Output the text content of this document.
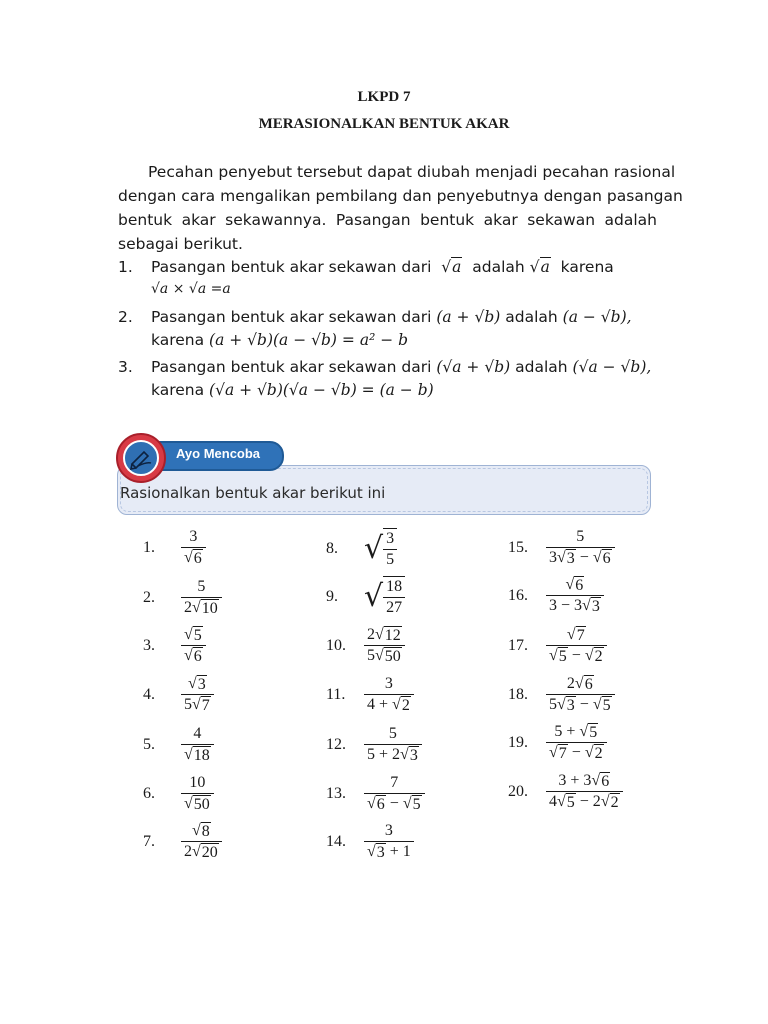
LKPD 7
MERASIONALKAN BENTUK AKAR
Pecahan penyebut tersebut dapat diubah menjadi pecahan rasional
dengan cara mengalikan pembilang dan penyebutnya dengan pasangan
bentuk akar sekawannya. Pasangan bentuk akar sekawan adalah
sebagai berikut.
1. Pasangan bentuk akar sekawan dari √a adalah √a karena
√a × √a =a
2. Pasangan bentuk akar sekawan dari (a + √b) adalah (a − √b),
karena (a + √b)(a − √b) = a² − b
3. Pasangan bentuk akar sekawan dari (√a + √b) adalah (√a − √b),
karena (√a + √b)(√a − √b) = (a − b)
Rasionalkan bentuk akar berikut ini
Ayo Mencoba
1.	$\frac{3}{√ 6}$
2.	$\frac{5}{2 √ 10}$
3.	$\frac{√ 5}{√ 6}$
4.	$\frac{√ 3}{5 √ 7}$
5.	$\frac{4}{√ 18}$
6.	$\frac{10}{√ 50}$
7.	$\frac{√ 8}{2 √ 20}$
8. √ $\frac{3}{5}$
9. √ $\frac{18}{27}$
10.	$\frac{2 √ 12}{5 √ 50}$
11.	$\frac{3}{4 + √ 2}$
12.	$\frac{5}{5 + 2 √ 3}$
13.	$\frac{7}{√ 6 - √ 5}$
14.	$\frac{3}{√ 3 + 1}$
15.	$\frac{5}{3 √ 3 - √ 6}$
16.	$\frac{√ 6}{3 - 3 √ 3}$
17.	$\frac{√ 7}{√ 5 - √ 2}$
18.	$\frac{2 √ 6}{5 √ 3 - √ 5}$
19.	$\frac{5 + √ 5}{√ 7 - √ 2}$
20.	$\frac{3 + 3 √ 6}{4 √ 5 - 2 √ 2}$
